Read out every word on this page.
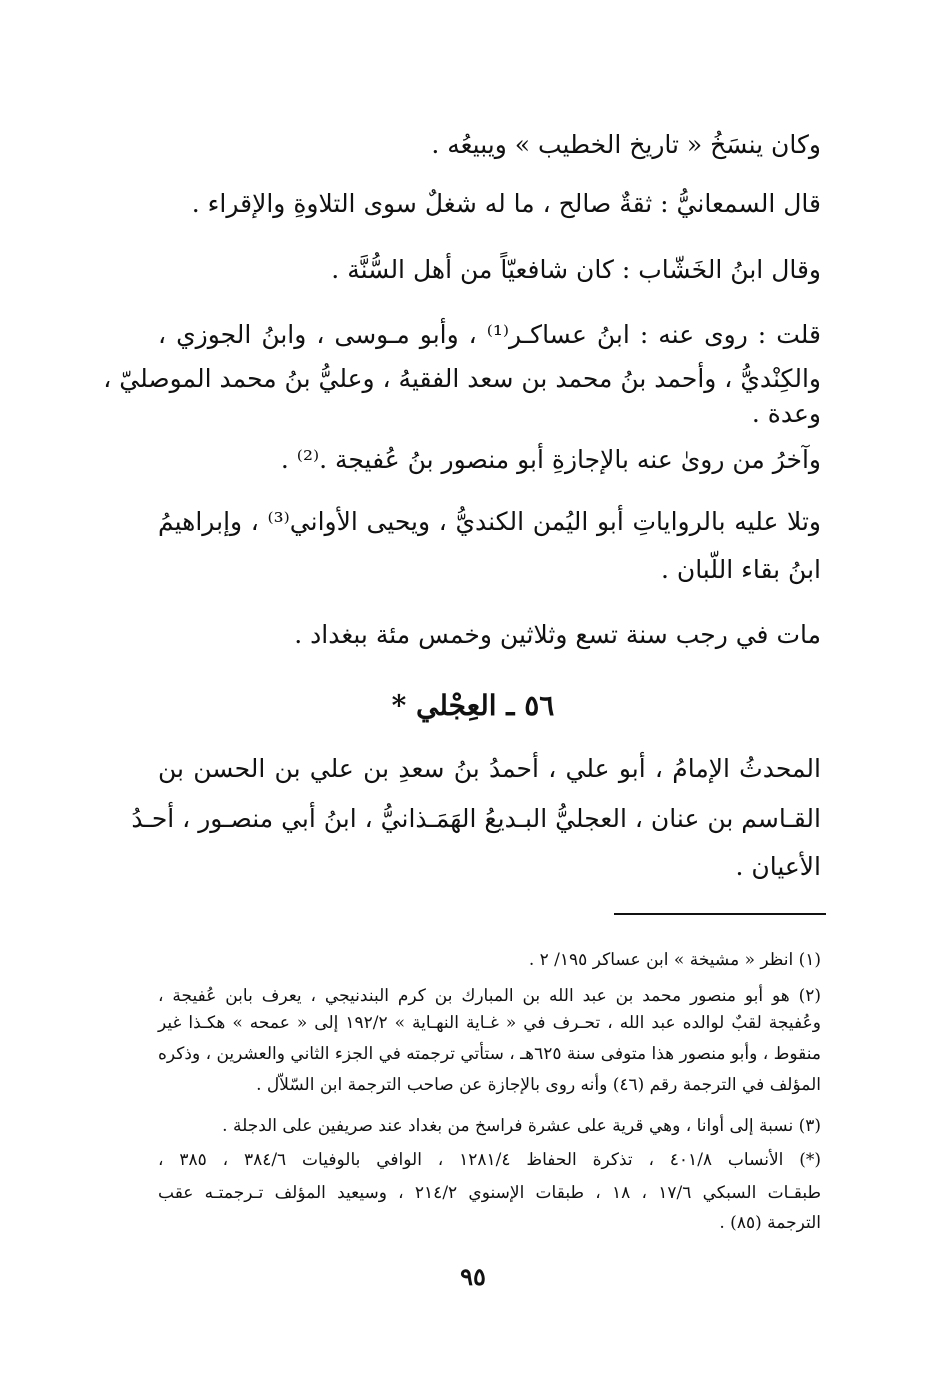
وكان ينسَخُ « تاريخ الخطيب » ويبيعُه .
قال السمعانيُّ : ثقةٌ صالح ، ما له شغلٌ سوى التلاوةِ والإقراء .
وقال ابنُ الخَشّاب : كان شافعيّاً من أهل السُّنَّة .
قلت : روى عنه : ابنُ عساكـر⁽¹⁾ ، وأبو مـوسى ، وابنُ الجوزي ،
والكِنْديُّ ، وأحمد بنُ محمد بن سعد الفقيهُ ، وعليُّ بنُ محمد الموصليّ ،
وعدة .
وآخرُ من روىٰ عنه بالإجازةِ أبو منصور بنُ عُفيجة .⁽²⁾ .
وتلا عليه بالرواياتِ أبو اليُمن الكنديُّ ، ويحيى الأواني⁽³⁾ ، وإبراهيمُ
ابنُ بقاء اللّبان .
مات في رجب سنة تسع وثلاثين وخمس مئة ببغداد .
٥٦ ـ العِجْلي *
المحدثُ الإمامُ ، أبو علي ، أحمدُ بنُ سعدِ بن علي بن الحسن بن
القـاسم بن عنان ، العجليُّ البـديعُ الهَمَـذانيُّ ، ابنُ أبي منصـور ، أحـدُ
الأعيان .
(١) انظر « مشيخة » ابن عساكر ١٩٥/ ٢ .
(٢) هو أبو منصور محمد بن عبد الله بن المبارك بن كرم البندنيجي ، يعرف بابن عُفيجة ،
وعُفيجة لقبٌ لوالده عبد الله ، تحـرف في « غـاية النهـاية » ١٩٢/٢ إلى « عمحه » هكـذا غير
منقوط ، وأبو منصور هذا متوفى سنة ٦٢٥هـ ، ستأتي ترجمته في الجزء الثاني والعشرين ، وذكره
المؤلف في الترجمة رقم (٤٦) وأنه روى بالإجازة عن صاحب الترجمة ابن السّلاّل .
(٣) نسبة إلى أوانا ، وهي قرية على عشرة فراسخ من بغداد عند صريفين على الدجلة .
(*) الأنساب ٤٠١/٨ ، تذكرة الحفاظ ١٢٨١/٤ ، الوافي بالوفيات ٣٨٤/٦ ، ٣٨٥ ،
طبقـات السبكي ١٧/٦ ، ١٨ ، طبقات الإسنوي ٢١٤/٢ ، وسيعيد المؤلف تـرجمتـه عقب
الترجمة (٨٥) .
٩٥
